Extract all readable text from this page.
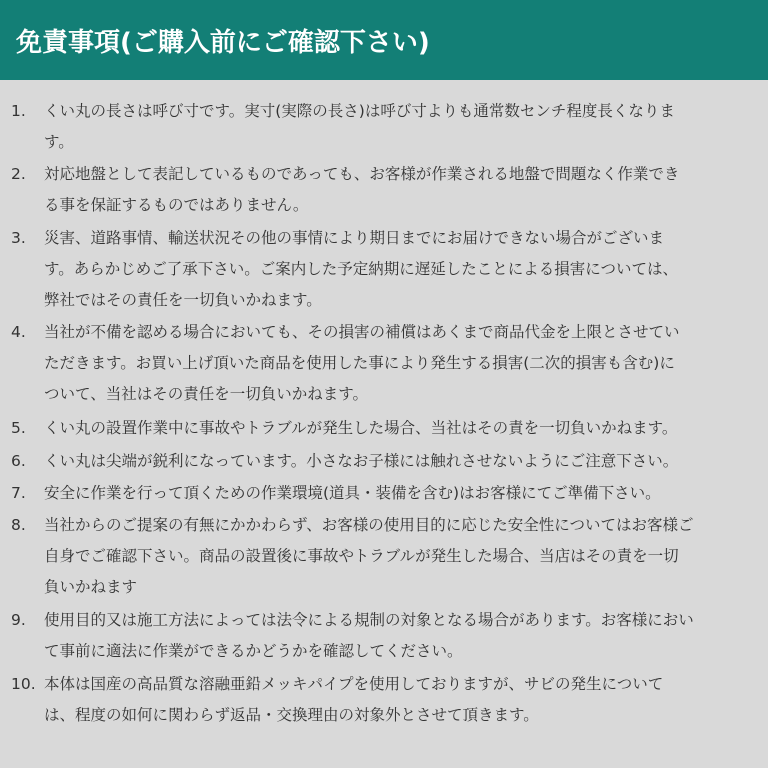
免責事項(ご購入前にご確認下さい)
1. くい丸の長さは呼び寸です。実寸(実際の長さ)は呼び寸よりも通常数センチ程度長くなりま
す。
2. 対応地盤として表記しているものであっても、お客様が作業される地盤で問題なく作業でき
る事を保証するものではありません。
3. 災害、道路事情、輸送状況その他の事情により期日までにお届けできない場合がございま
す。あらかじめご了承下さい。ご案内した予定納期に遅延したことによる損害については、
弊社ではその責任を一切負いかねます。
4. 当社が不備を認める場合においても、その損害の補償はあくまで商品代金を上限とさせてい
ただきます。お買い上げ頂いた商品を使用した事により発生する損害(二次的損害も含む)に
ついて、当社はその責任を一切負いかねます。
5. くい丸の設置作業中に事故やトラブルが発生した場合、当社はその責を一切負いかねます。
6. くい丸は尖端が鋭利になっています。小さなお子様には触れさせないようにご注意下さい。
7. 安全に作業を行って頂くための作業環境(道具・装備を含む)はお客様にてご準備下さい。
8. 当社からのご提案の有無にかかわらず、お客様の使用目的に応じた安全性についてはお客様ご
自身でご確認下さい。商品の設置後に事故やトラブルが発生した場合、当店はその責を一切
負いかねます
9. 使用目的又は施工方法によっては法令による規制の対象となる場合があります。お客様におい
て事前に適法に作業ができるかどうかを確認してください。
10. 本体は国産の高品質な溶融亜鉛メッキパイプを使用しておりますが、サビの発生について
は、程度の如何に関わらず返品・交換理由の対象外とさせて頂きます。
